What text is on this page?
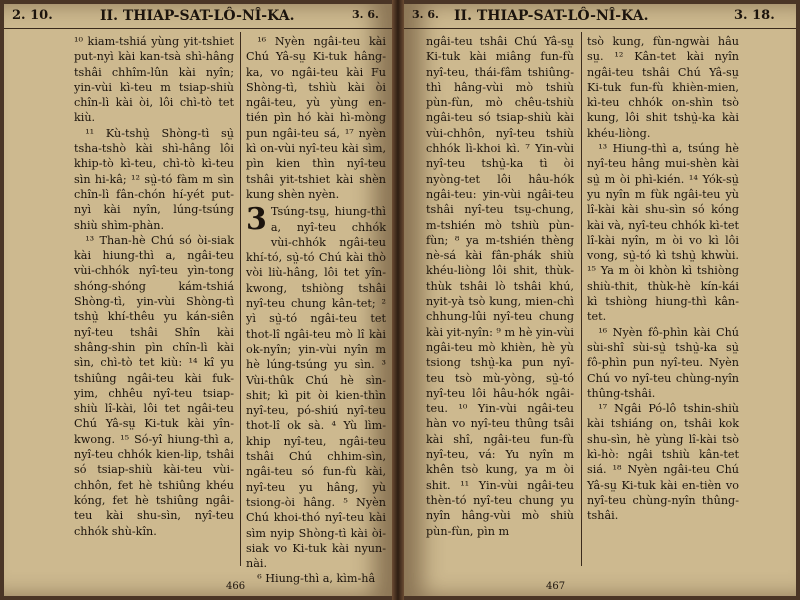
2. 10.	II. THIAP-SAT-LÔ-NÎ-KA.	3. 6.

¹⁰ kiam-tshiá yùng yit-tshiet put-nyì kài kan-tsà shì-hâng tshâi chhîm-lûn kài nyîn; yin-vùi kì-teu m tsiap-shiù chîn-lì kài òi, lôi chì-tò tet kiù.

¹¹ Kù-tshṳ̀ Shòng-tì sṳ̀ tsha-tshò kài shì-hâng lôi khip-tò kì-teu, chì-tò kì-teu sìn hi-kâ; ¹² sṳ̀-tó fàm m sìn chîn-lì fân-chón hí-yét put-nyì kài nyîn, lúng-tsúng shiù shìm-phàn.

¹³ Than-hè Chú só òi-siak kài hiung-thì a, ngâi-teu vùi-chhók nyî-teu yìn-tong shóng-shóng kám-tshiá Shòng-tì, yin-vùi Shòng-tì tshṳ̀ khí-thêu yu kán-siên nyî-teu tshâi Shîn kài shâng-shin pìn chîn-lì kài sìn, chì-tò tet kiù: ¹⁴ kî yu tshiûng ngâi-teu kài fuk-yim, chhêu nyî-teu tsiap-shiù lî-kài, lôi tet ngâi-teu Chú Yâ-sṳ Ki-tuk kài yîn-kwong. ¹⁵ Só-yî hiung-thì a, nyî-teu chhók kien-lip, tshâi só tsiap-shiù kài-teu vùi-chhôn, fet hè tshiûng khéu kóng, fet hè tshiûng ngâi-teu kài shu-sìn, nyî-teu chhók shù-kîn.

¹⁶ Nyèn ngâi-teu kài Chú Yâ-sṳ Ki-tuk hâng-ka, vo ngâi-teu kài Fu Shòng-tì, tshìù kài òi ngâi-teu, yù yùng en-tién pìn hó kài hì-mòng pun ngâi-teu sá, ¹⁷ nyèn kì on-vùi nyî-teu kài sìm, pìn kien thìn nyî-teu tshâi yit-tshiet kài shèn kung shèn nyèn.

3 Tsúng-tsṳ, hiung-thì a, nyî-teu chhók vùi-chhók ngâi-teu khí-tó, sṳ̀-tó Chú kài thò vòi liù-hâng, lôi tet yîn-kwong, tshiòng tshâi nyî-teu chung kân-tet; ² yì sṳ̀-tó ngâi-teu tet thot-lî ngâi-teu mò lî kài ok-nyîn; yin-vùi nyîn m hè lúng-tsúng yu sìn. ³ Vùi-thûk Chú hè sìn-shit; kì pit òi kien-thìn nyî-teu, pó-shiú nyî-teu thot-lî ok sà. ⁴ Yù lìm-khip nyî-teu, ngâi-teu tshâi Chú chhim-sìn, ngâi-teu só fun-fù kài, nyî-teu yu hâng, yù tsiong-òi hâng. ⁵ Nyèn Chú khoi-thó nyî-teu kài sìm nyip Shòng-tì kài òi-siak vo Ki-tuk kài nyun-nài.

⁶ Hiung-thì a, kìm-hâ

466
3. 6. II. THIAP-SAT-LÔ-NÎ-KA.	3. 18.

ngâi-teu tshâi Chú Yâ-sṳ Ki-tuk kài miâng fun-fù nyî-teu, thái-fâm tshiûng-thì hâng-vùi mò tshiù pùn-fùn, mò chêu-tshiù ngâi-teu só tsiap-shiù kài vùi-chhôn, nyî-teu tshiù chhók lì-khoi kì. ⁷ Yin-vùi nyî-teu tshṳ̀-ka tì òi nyòng-tet lôi hâu-hók ngâi-teu: yin-vùi ngâi-teu tshâi nyî-teu tsṳ-chung, m-tshién mò tshiù pùn-fùn; ⁸ ya m-tshién thèng nè-sá kài fân-phák shiù khéu-liòng lôi shit, thùk-thùk tshâi lò tshâi khú, nyit-yà tsò kung, mien-chì chhung-lûi nyî-teu chung kài yit-nyîn: ⁹ m hè yin-vùi ngâi-teu mò khièn, hè yù tsiong tshṳ̀-ka pun nyî-teu tsò mù-yòng, sṳ̀-tó nyî-teu lôi hâu-hók ngâi-teu. ¹⁰ Yin-vùi ngâi-teu hàn vo nyî-teu thûng tsâi kài shî, ngâi-teu fun-fù nyî-teu, vá: Yu nyîn m khên tsò kung, ya m òi shit. ¹¹ Yin-vùi ngâi-teu thèn-tó nyî-teu chung yu nyîn hâng-vùi mò shiù pùn-fùn, pìn m

tsò kung, fùn-ngwài hâu sṳ. ¹² Kân-tet kài nyîn ngâi-teu tshâi Chú Yâ-sṳ Ki-tuk fun-fù khièn-mien, kì-teu chhók on-shìn tsò kung, lôi shit tshṳ̀-ka kài khéu-liòng.

¹³ Hiung-thì a, tsúng hè nyî-teu hâng mui-shèn kài sṳ̀ m òi phì-kién. ¹⁴ Yók-sṳ̀ yu nyîn m fùk ngâi-teu yù lî-kài kài shu-sìn só kóng kài và, nyî-teu chhók kì-tet lî-kài nyîn, m òi vo kì lôi vong, sṳ̀-tó kì tshṳ̀ khwùi. ¹⁵ Ya m òi khòn kì tshiòng shiù-thit, thùk-hè kín-kái kì tshiòng hiung-thì kân-tet.

¹⁶ Nyèn fô-phìn kài Chú sùi-shî sùi-sṳ̀ tshṳ̀-ka sṳ̀ fô-phìn pun nyî-teu. Nyèn Chú vo nyî-teu chùng-nyîn thûng-tshâi.

¹⁷ Ngâi Pó-lô tshin-shiù kài tshiáng on, tshâi kok shu-sìn, hè yùng lî-kài tsò kì-hò: ngâi tshiù kân-tet siá. ¹⁸ Nyèn ngâi-teu Chú Yâ-sṳ Ki-tuk kài en-tièn vo nyî-teu chùng-nyîn thûng-tshâi.

467
